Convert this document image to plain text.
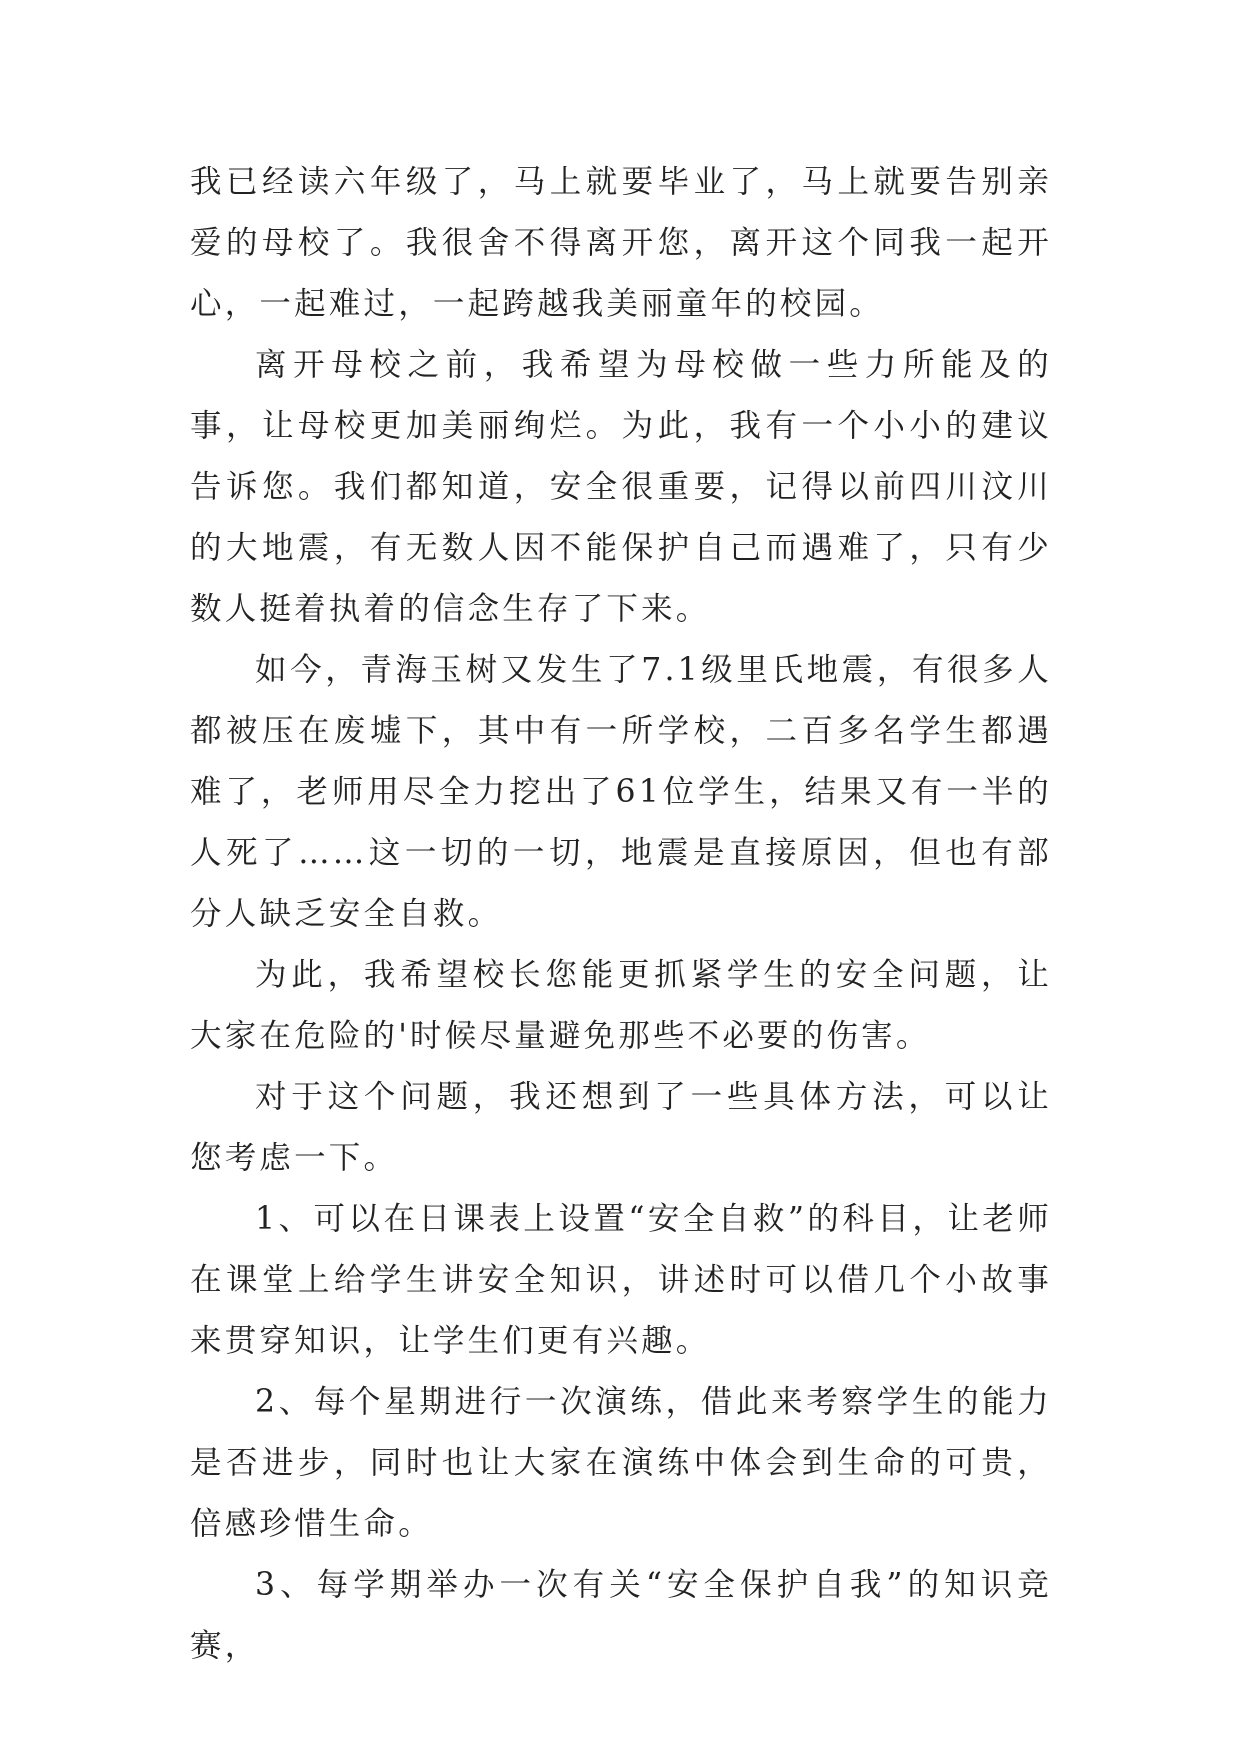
我已经读六年级了，马上就要毕业了，马上就要告别亲爱的母校了。我很舍不得离开您，离开这个同我一起开心，一起难过，一起跨越我美丽童年的校园。

离开母校之前，我希望为母校做一些力所能及的事，让母校更加美丽绚烂。为此，我有一个小小的建议告诉您。我们都知道，安全很重要，记得以前四川汶川的大地震，有无数人因不能保护自己而遇难了，只有少数人挺着执着的信念生存了下来。

如今，青海玉树又发生了7.1级里氏地震，有很多人都被压在废墟下，其中有一所学校，二百多名学生都遇难了，老师用尽全力挖出了61位学生，结果又有一半的人死了……这一切的一切，地震是直接原因，但也有部分人缺乏安全自救。

为此，我希望校长您能更抓紧学生的安全问题，让大家在危险的'时候尽量避免那些不必要的伤害。

对于这个问题，我还想到了一些具体方法，可以让您考虑一下。

1、可以在日课表上设置“安全自救”的科目，让老师在课堂上给学生讲安全知识，讲述时可以借几个小故事来贯穿知识，让学生们更有兴趣。

2、每个星期进行一次演练，借此来考察学生的能力是否进步，同时也让大家在演练中体会到生命的可贵，倍感珍惜生命。

3、每学期举办一次有关“安全保护自我”的知识竞赛，
